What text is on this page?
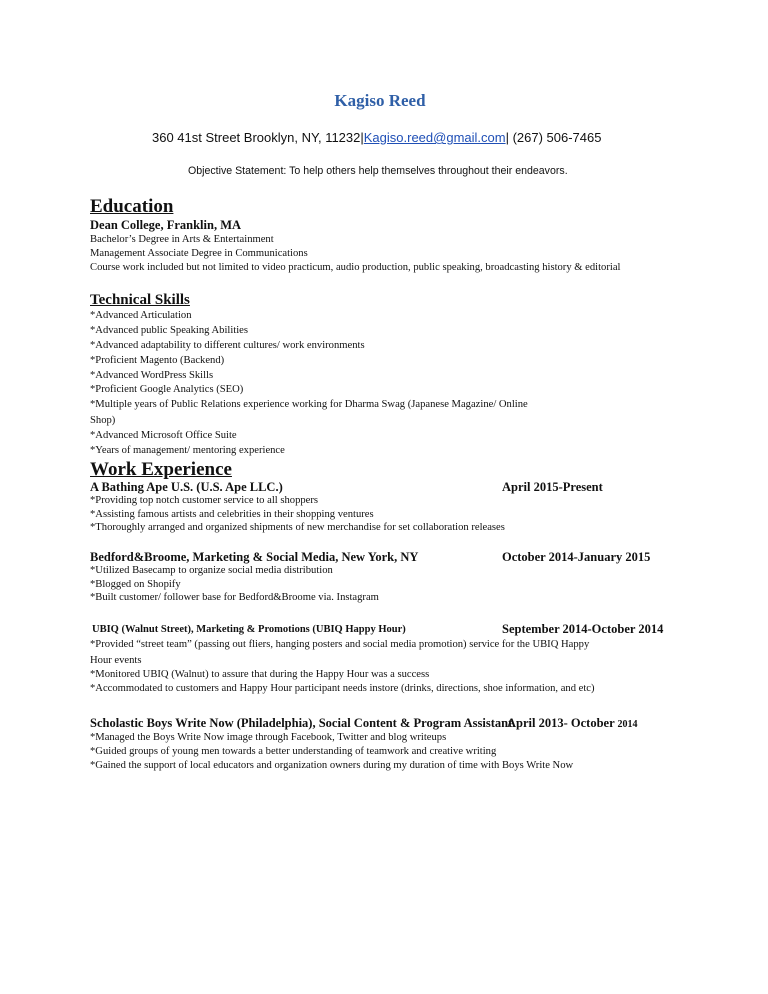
Kagiso Reed
360 41st Street Brooklyn, NY, 11232|Kagiso.reed@gmail.com| (267) 506-7465
Objective Statement: To help others help themselves throughout their endeavors.
Education
Dean College, Franklin, MA
Bachelor’s Degree in Arts & Entertainment
Management Associate Degree in Communications
Course work included but not limited to video practicum, audio production, public speaking, broadcasting history & editorial
Technical Skills
*Advanced Articulation
*Advanced public Speaking Abilities
*Advanced adaptability to different cultures/ work environments
*Proficient Magento (Backend)
*Advanced WordPress Skills
*Proficient Google Analytics (SEO)
*Multiple years of Public Relations experience working for Dharma Swag (Japanese Magazine/ Online
Shop)
*Advanced Microsoft Office Suite
*Years of management/ mentoring experience
Work Experience
A Bathing Ape U.S. (U.S. Ape LLC.)	April 2015-Present
*Providing top notch customer service to all shoppers
*Assisting famous artists and celebrities in their shopping ventures
*Thoroughly arranged and organized shipments of new merchandise for set collaboration releases
Bedford&Broome, Marketing & Social Media, New York, NY	October 2014-January 2015
*Utilized Basecamp to organize social media distribution
*Blogged on Shopify
*Built customer/ follower base for Bedford&Broome via. Instagram
UBIQ (Walnut Street), Marketing & Promotions (UBIQ Happy Hour)	September 2014-October 2014
*Provided “street team” (passing out fliers, hanging posters and social media promotion) service for the UBIQ Happy
Hour events
*Monitored UBIQ (Walnut) to assure that during the Happy Hour was a success
*Accommodated to customers and Happy Hour participant needs instore (drinks, directions, shoe information, and etc)
Scholastic Boys Write Now (Philadelphia), Social Content & Program Assistant
April 2013- October 2014
*Managed the Boys Write Now image through Facebook, Twitter and blog writeups
*Guided groups of young men towards a better understanding of teamwork and creative writing
*Gained the support of local educators and organization owners during my duration of time with Boys Write Now
